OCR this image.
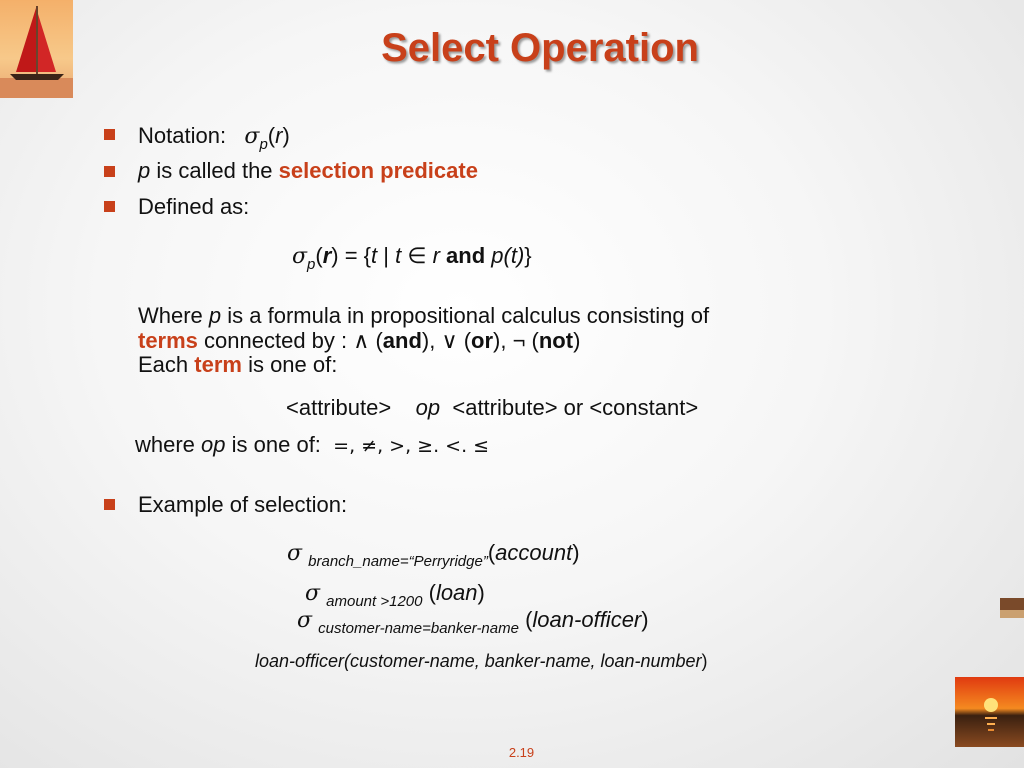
Select Operation
Notation: $\sigma_p(r)$
p is called the selection predicate
Defined as:
$\sigma_p(r) = \{t$ | t ∈ r and p(t)}
Where p is a formula in propositional calculus consisting of
terms connected by : ∧ (and), ∨ (or), ¬ (not)
Each term is one of:
<attribute> op <attribute> or <constant>
where op is one of: =, ≠, >, ≥. <. ≤
Example of selection:
σ $_{branch\_name=“Perryridge”}$(account)
σ $_{amount >1200}$ (loan)
σ $_{customer-name=banker-name}$ (loan-officer)
loan-officer(customer-name, banker-name, loan-number)
2.19
